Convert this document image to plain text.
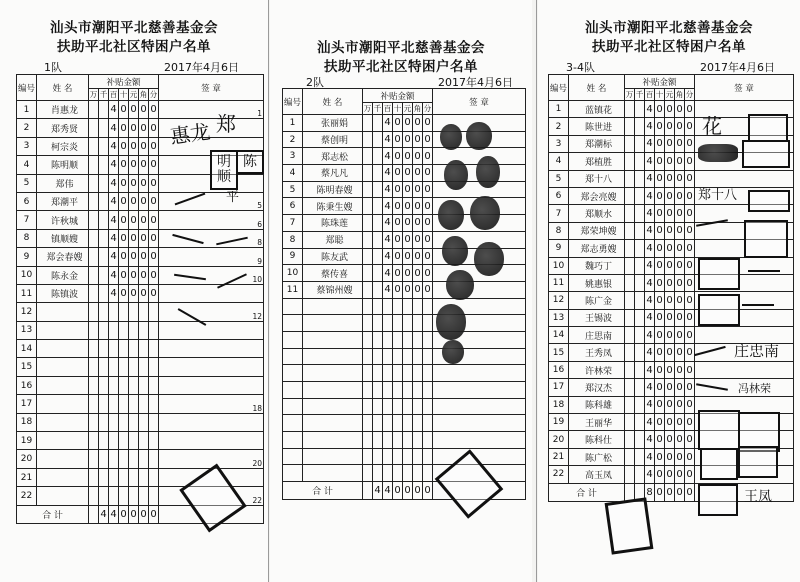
汕头市潮阳平北慈善基金会
扶助平北社区特困户名单
1队	2017年4月6日
编号	姓 名	补贴金额							签 章
		万	千	百	十	元	角	分	
1	肖惠龙			4	0	0	0	0	1

2	郑秀贤			4	0	0	0	0	

3	柯宗炎			4	0	0	0	0	

4	陈明顺			4	0	0	0	0	

5	郑伟			4	0	0	0	0	

6	郑潮平			4	0	0	0	0	5

7	许秋城			4	0	0	0	0	6

8	镇顺嫂			4	0	0	0	0	8

9	郑会春嫂			4	0	0	0	0	9

10	陈永金			4	0	0	0	0	10

11	陈镇波			4	0	0	0	0	

12									12

13									

14									

15									

16									

17									18

18									

19									

20									20

21									

22									22

合 计			4	4	0	0	0	0	
惠龙 郑
明顺
陈
平
汕头市潮阳平北慈善基金会
扶助平北社区特困户名单
2队	2017年4月6日
编号	姓 名	补贴金额							签 章
		万	千	百	十	元	角	分	
1	张丽娟			4	0	0	0	0	

2	蔡创明			4	0	0	0	0	

3	郑志松			4	0	0	0	0	

4	蔡凡凡			4	0	0	0	0	

5	陈明春嫂			4	0	0	0	0	

6	陈秉生嫂			4	0	0	0	0	

7	陈珠莲			4	0	0	0	0	

8	郑聪			4	0	0	0	0	

9	陈友武			4	0	0	0	0	

10	蔡传喜			4	0	0	0	0	

11	蔡锦州嫂			4	0	0	0	0	

合 计			4	4	0	0	0	0	
汕头市潮阳平北慈善基金会
扶助平北社区特困户名单
3-4队	2017年4月6日
编号	姓 名	补贴金额							签 章
		万	千	百	十	元	角	分	
1	蓝镇花			4	0	0	0	0	

2	陈世进			4	0	0	0	0	

3	郑潮标			4	0	0	0	0	

4	郑植胜			4	0	0	0	0	

5	郑十八			4	0	0	0	0	

6	郑会亮嫂			4	0	0	0	0	

7	郑顺水			4	0	0	0	0	

8	郑荣坤嫂			4	0	0	0	0	

9	郑志勇嫂			4	0	0	0	0	

10	魏巧丁			4	0	0	0	0	

11	姚惠银			4	0	0	0	0	

12	陈广金			4	0	0	0	0	

13	王锡波			4	0	0	0	0	

14	庄思南			4	0	0	0	0	

15	王秀凤			4	0	0	0	0	

16	许林荣			4	0	0	0	0	

17	郑汉杰			4	0	0	0	0	

18	陈科雄			4	0	0	0	0	

19	王丽华			4	0	0	0	0	

20	陈科仕			4	0	0	0	0	

21	陈广松			4	0	0	0	0	

22	高玉凤			4	0	0	0	0	

合 计				8	0	0	0	0	
花
郑十八
庄忠南
冯林荣
王凤
